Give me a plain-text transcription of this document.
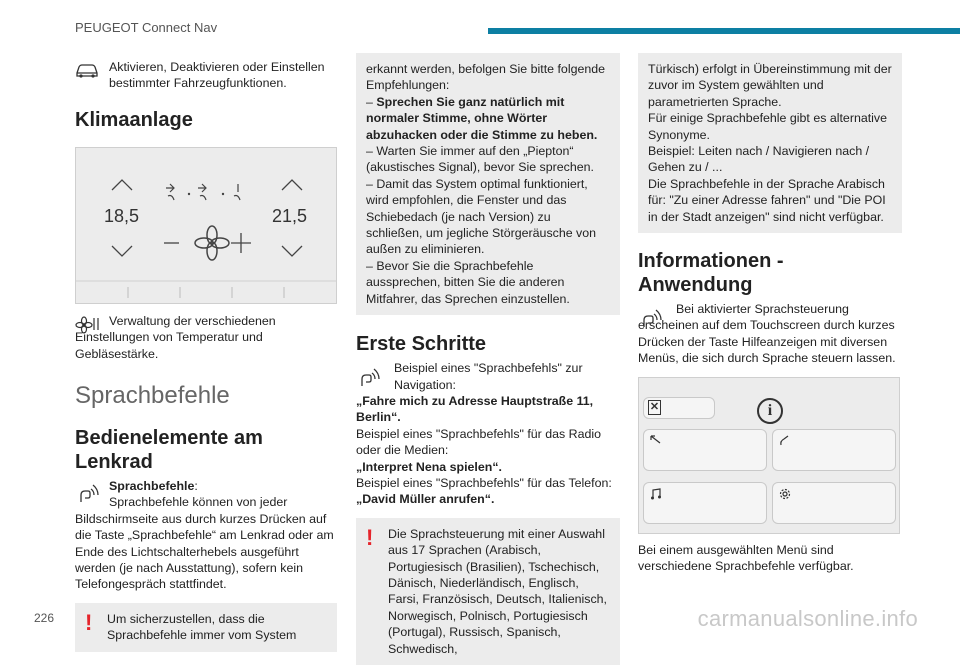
PEUGEOT Connect Nav
Aktivieren, Deaktivieren oder Einstellen bestimmter Fahrzeugfunktionen.
Klimaanlage
18,5	21,5
Verwaltung der verschiedenen Einstellungen von Temperatur und Gebläsestärke.
Sprachbefehle
Bedienelemente am Lenkrad
Sprachbefehle:
Sprachbefehle können von jeder
Bildschirmseite aus durch kurzes Drücken auf die Taste „Sprachbefehle“ am Lenkrad oder am Ende des Lichtschalterhebels ausgeführt werden (je nach Ausstattung), sofern kein Telefongespräch stattfindet.
! Um sicherzustellen, dass die Sprachbefehle immer vom System
erkannt werden, befolgen Sie bitte folgende Empfehlungen:
– Sprechen Sie ganz natürlich mit normaler Stimme, ohne Wörter abzuhacken oder die Stimme zu heben.
– Warten Sie immer auf den „Piepton“ (akustisches Signal), bevor Sie sprechen.
– Damit das System optimal funktioniert, wird empfohlen, die Fenster und das Schiebedach (je nach Version) zu schließen, um jegliche Störgeräusche von außen zu eliminieren.
– Bevor Sie die Sprachbefehle aussprechen, bitten Sie die anderen Mitfahrer, das Sprechen einzustellen.
Erste Schritte
Beispiel eines "Sprachbefehls" zur Navigation:
„Fahre mich zu Adresse Hauptstraße 11, Berlin“.
Beispiel eines "Sprachbefehls" für das Radio oder die Medien:
„Interpret Nena spielen“.
Beispiel eines "Sprachbefehls" für das Telefon:
„David Müller anrufen“.
! Die Sprachsteuerung mit einer Auswahl aus 17 Sprachen (Arabisch, Portugiesisch (Brasilien), Tschechisch, Dänisch, Niederländisch, Englisch, Farsi, Französisch, Deutsch, Italienisch, Norwegisch, Polnisch, Portugiesisch (Portugal), Russisch, Spanisch, Schwedisch,
Türkisch) erfolgt in Übereinstimmung mit der zuvor im System gewählten und parametrierten Sprache.
Für einige Sprachbefehle gibt es alternative Synonyme.
Beispiel: Leiten nach / Navigieren nach / Gehen zu / ...
Die Sprachbefehle in der Sprache Arabisch für: "Zu einer Adresse fahren" und "Die POI in der Stadt anzeigen" sind nicht verfügbar.
Informationen - Anwendung
Bei aktivierter Sprachsteuerung erscheinen auf dem Touchscreen durch kurzes Drücken der Taste Hilfeanzeigen mit diversen Menüs, die sich durch Sprache steuern lassen.
✕	i
Bei einem ausgewählten Menü sind verschiedene Sprachbefehle verfügbar.
226	carmanualsonline.info
